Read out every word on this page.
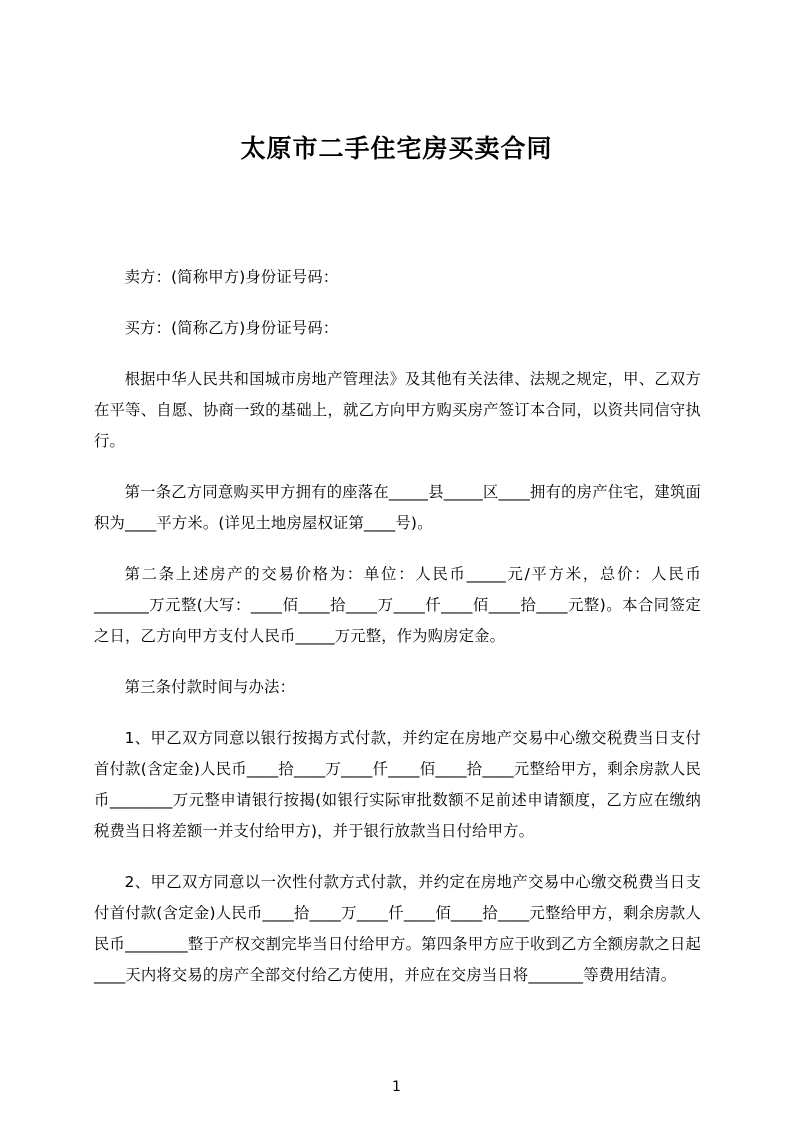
太原市二手住宅房买卖合同

卖方：(简称甲方)身份证号码：

买方：(简称乙方)身份证号码：

根据中华人民共和国城市房地产管理法》及其他有关法律、法规之规定，甲、乙双方在平等、自愿、协商一致的基础上，就乙方向甲方购买房产签订本合同，以资共同信守执行。

第一条乙方同意购买甲方拥有的座落在_____县_____区____拥有的房产住宅，建筑面积为____平方米。(详见土地房屋权证第____号)。

第二条上述房产的交易价格为：单位：人民币_____元/平方米，总价：人民币_______万元整(大写：____佰____拾____万____仟____佰____拾____元整)。本合同签定之日，乙方向甲方支付人民币_____万元整，作为购房定金。

第三条付款时间与办法：

1、甲乙双方同意以银行按揭方式付款，并约定在房地产交易中心缴交税费当日支付首付款(含定金)人民币____拾____万____仟____佰____拾____元整给甲方，剩余房款人民币________万元整申请银行按揭(如银行实际审批数额不足前述申请额度，乙方应在缴纳税费当日将差额一并支付给甲方)，并于银行放款当日付给甲方。

2、甲乙双方同意以一次性付款方式付款，并约定在房地产交易中心缴交税费当日支付首付款(含定金)人民币____拾____万____仟____佰____拾____元整给甲方，剩余房款人民币________整于产权交割完毕当日付给甲方。第四条甲方应于收到乙方全额房款之日起____天内将交易的房产全部交付给乙方使用，并应在交房当日将_______等费用结清。

1
